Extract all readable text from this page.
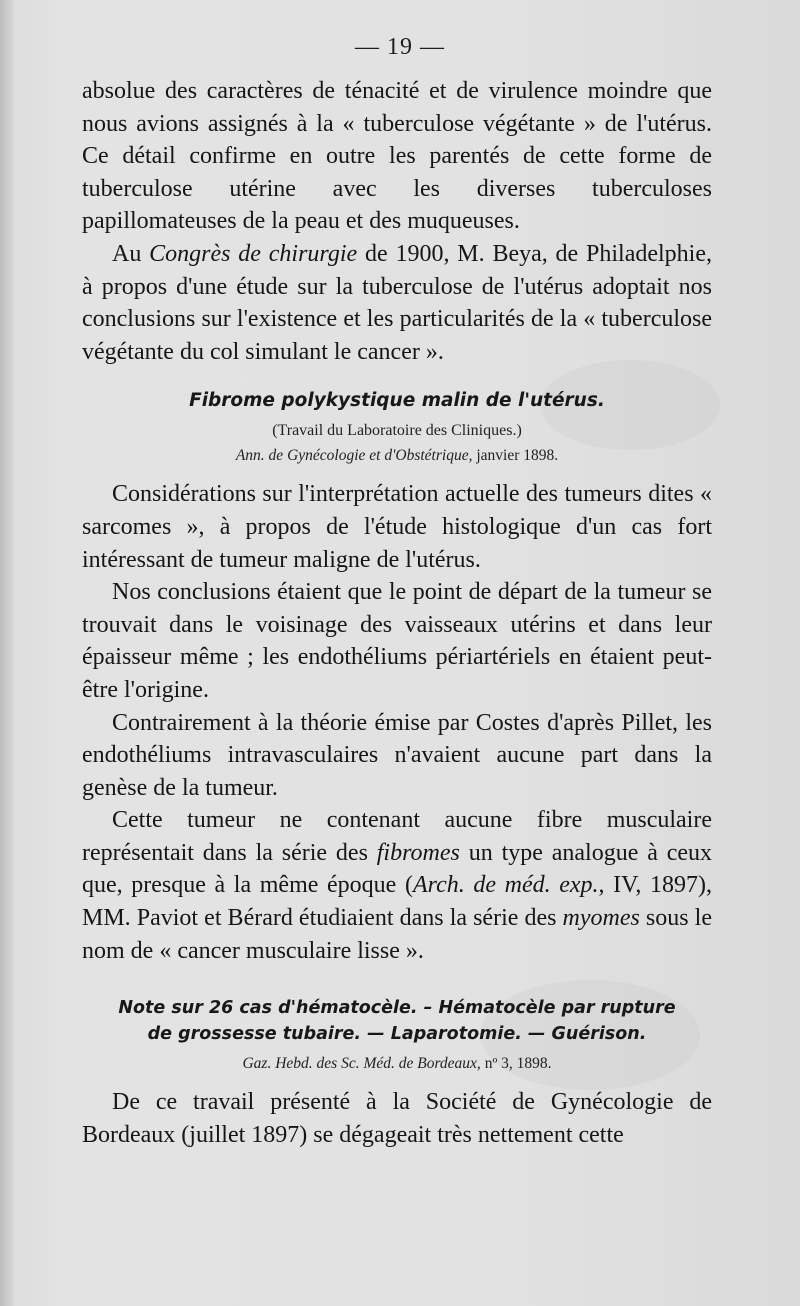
— 19 —

absolue des caractères de ténacité et de virulence moindre que nous avions assignés à la « tuberculose végétante » de l'utérus. Ce détail confirme en outre les parentés de cette forme de tuberculose utérine avec les diverses tuberculoses papillomateuses de la peau et des muqueuses.

Au Congrès de chirurgie de 1900, M. Beya, de Philadelphie, à propos d'une étude sur la tuberculose de l'utérus adoptait nos conclusions sur l'existence et les particularités de la « tuberculose végétante du col simulant le cancer ».

Fibrome polykystique malin de l'utérus.

(Travail du Laboratoire des Cliniques.)

Ann. de Gynécologie et d'Obstétrique, janvier 1898.

Considérations sur l'interprétation actuelle des tumeurs dites « sarcomes », à propos de l'étude histologique d'un cas fort intéressant de tumeur maligne de l'utérus.

Nos conclusions étaient que le point de départ de la tumeur se trouvait dans le voisinage des vaisseaux utérins et dans leur épaisseur même ; les endothéliums périartériels en étaient peut-être l'origine.

Contrairement à la théorie émise par Costes d'après Pillet, les endothéliums intravasculaires n'avaient aucune part dans la genèse de la tumeur.

Cette tumeur ne contenant aucune fibre musculaire représentait dans la série des fibromes un type analogue à ceux que, presque à la même époque (Arch. de méd. exp., IV, 1897), MM. Paviot et Bérard étudiaient dans la série des myomes sous le nom de « cancer musculaire lisse ».

Note sur 26 cas d'hématocèle. – Hématocèle par rupture

de grossesse tubaire. — Laparotomie. — Guérison.

Gaz. Hebd. des Sc. Méd. de Bordeaux, nº 3, 1898.

De ce travail présenté à la Société de Gynécologie de Bordeaux (juillet 1897) se dégageait très nettement cette
